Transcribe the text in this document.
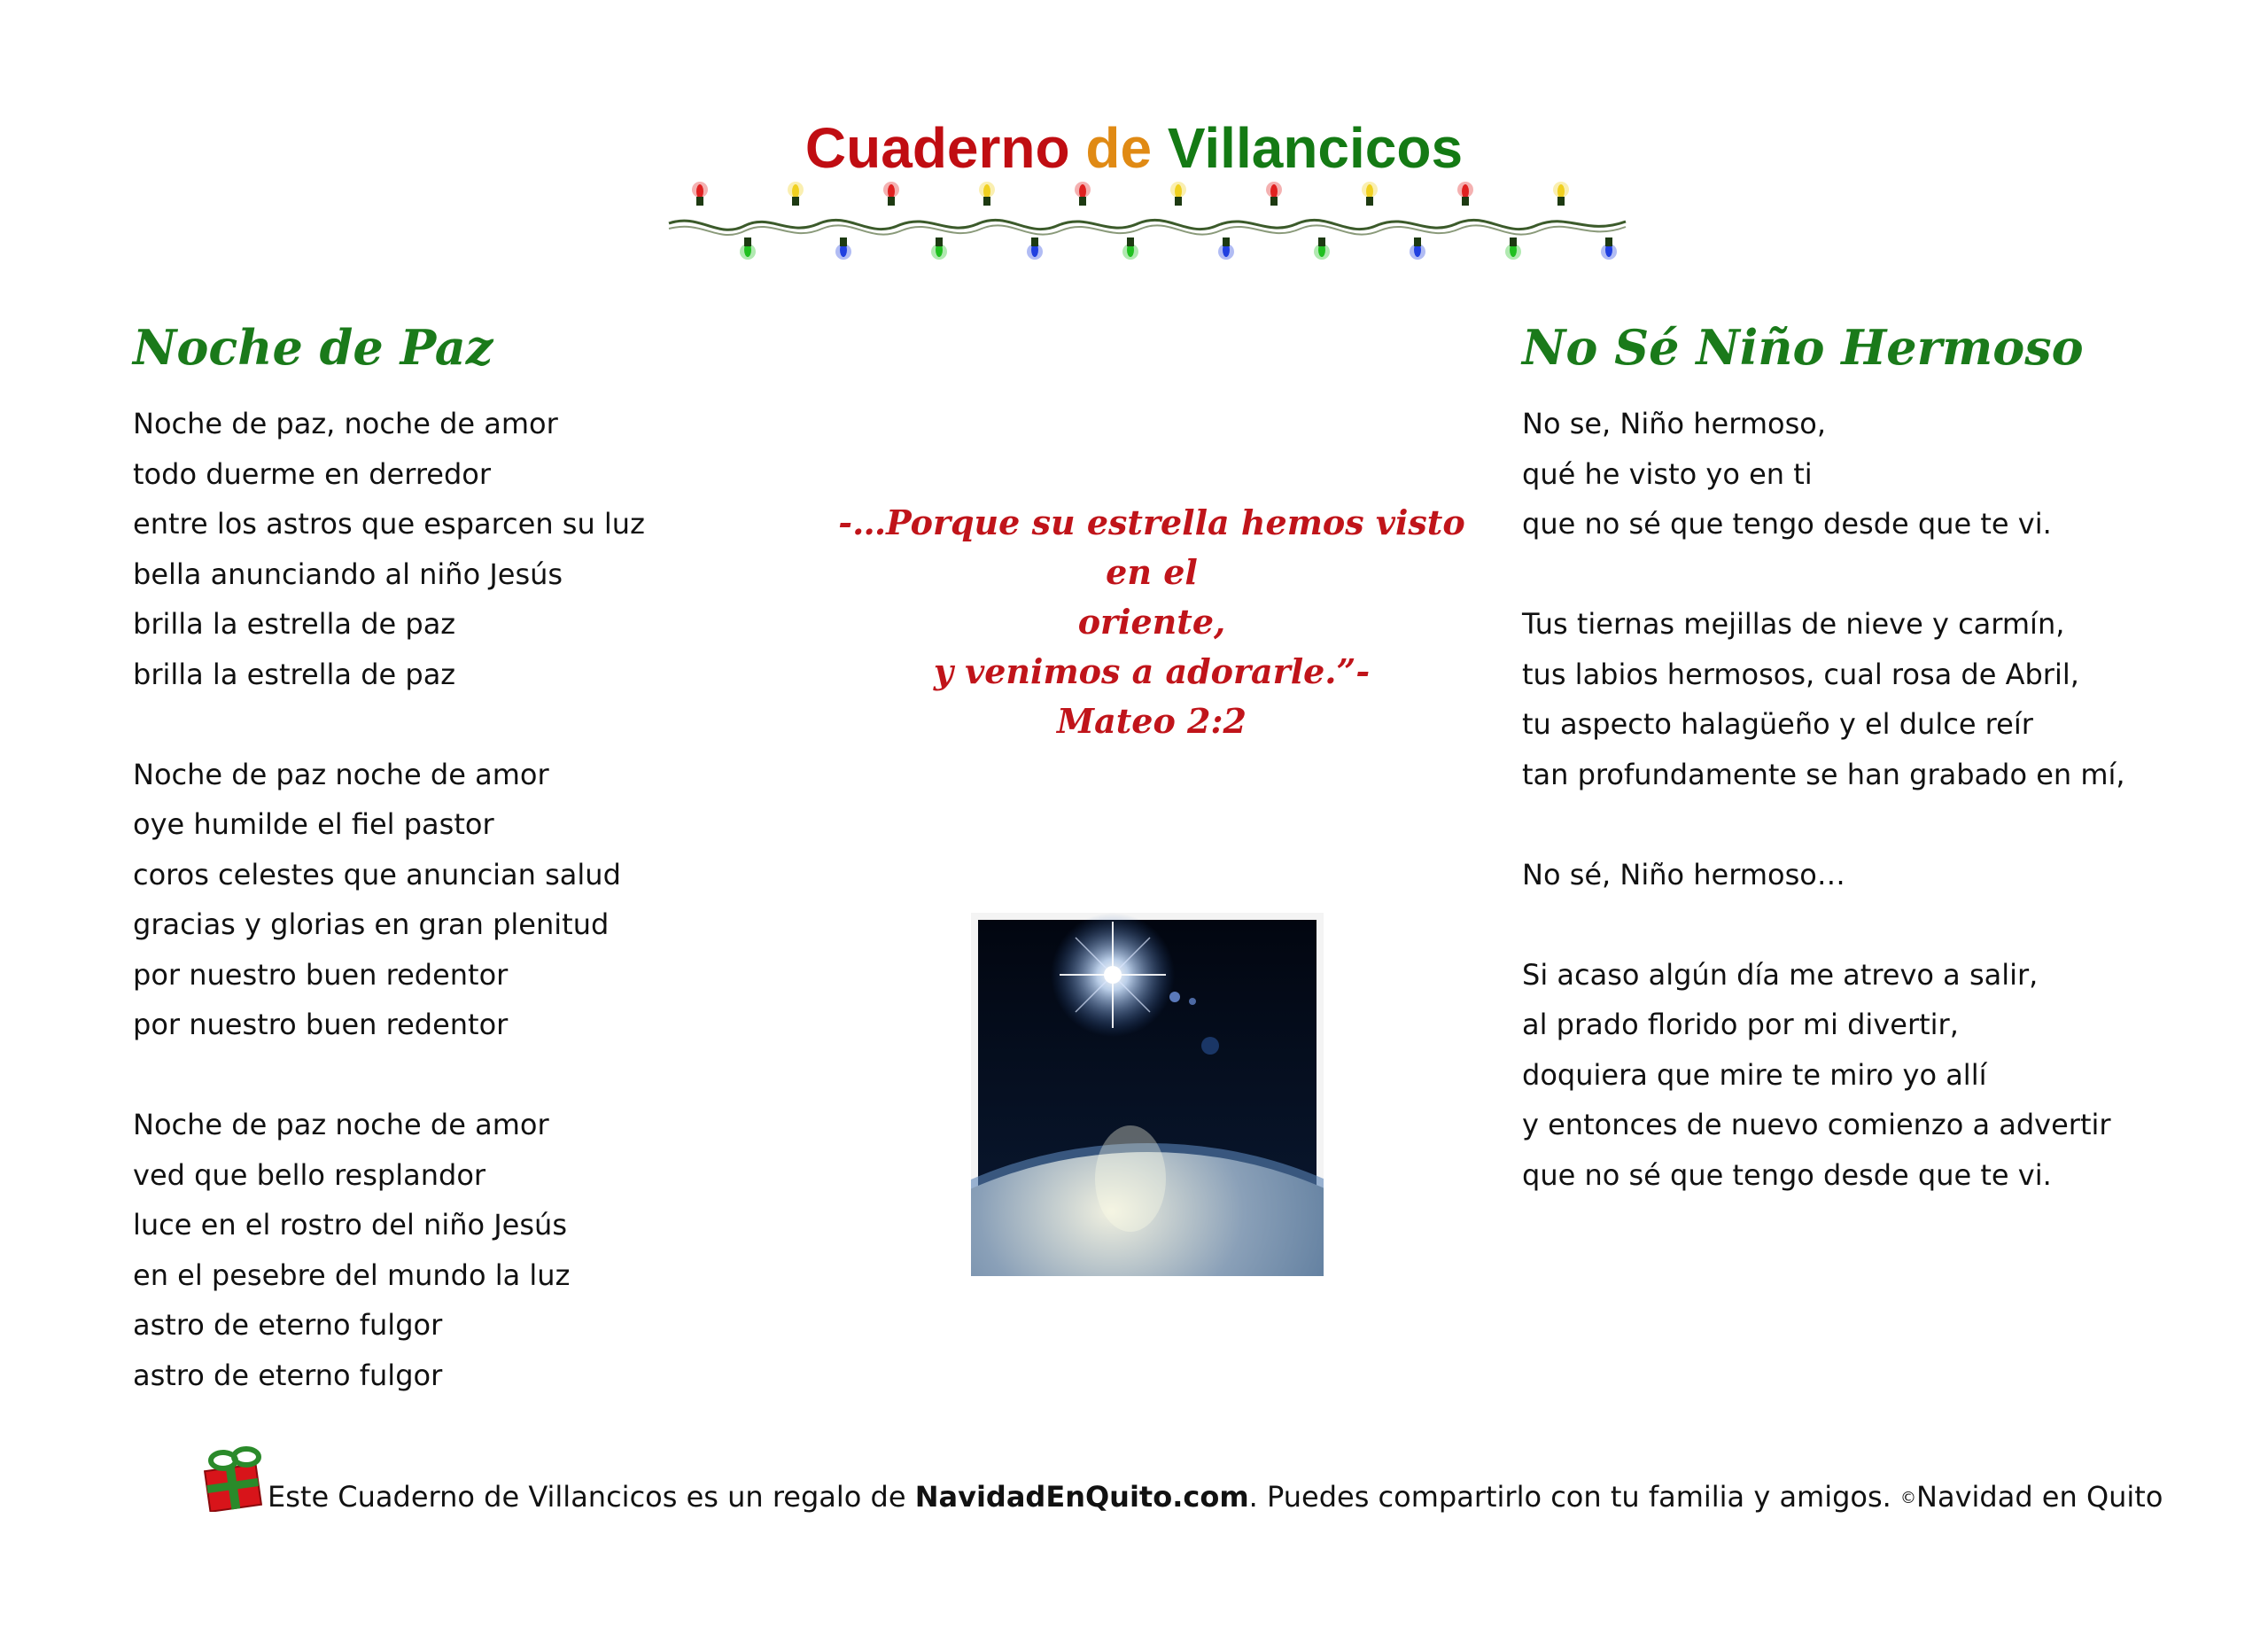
Cuaderno de Villancicos
Noche de Paz
Noche de paz, noche de amor
todo duerme en derredor
entre los astros que esparcen su luz
bella anunciando al niño Jesús
brilla la estrella de paz
brilla la estrella de paz
Noche de paz noche de amor
oye humilde el fiel pastor
coros celestes que anuncian salud
gracias y glorias en gran plenitud
por nuestro buen redentor
por nuestro buen redentor
Noche de paz noche de amor
ved que bello resplandor
luce en el rostro del niño Jesús
en el pesebre del mundo la luz
astro de eterno fulgor
astro de eterno fulgor
-…Porque su estrella hemos visto en el
oriente,
y venimos a adorarle.”-
Mateo 2:2
No Sé Niño Hermoso
No se, Niño hermoso,
qué he visto yo en ti
que no sé que tengo desde que te vi.
Tus tiernas mejillas de nieve y carmín,
tus labios hermosos, cual rosa de Abril,
tu aspecto halagüeño y el dulce reír
tan profundamente se han grabado en mí,
No sé, Niño hermoso…
Si acaso algún día me atrevo a salir,
al prado florido por mi divertir,
doquiera que mire te miro yo allí
y entonces de nuevo comienzo a advertir
que no sé que tengo desde que te vi.
Este Cuaderno de Villancicos es un regalo de NavidadEnQuito.com. Puedes compartirlo con tu familia y amigos. ©Navidad en Quito
